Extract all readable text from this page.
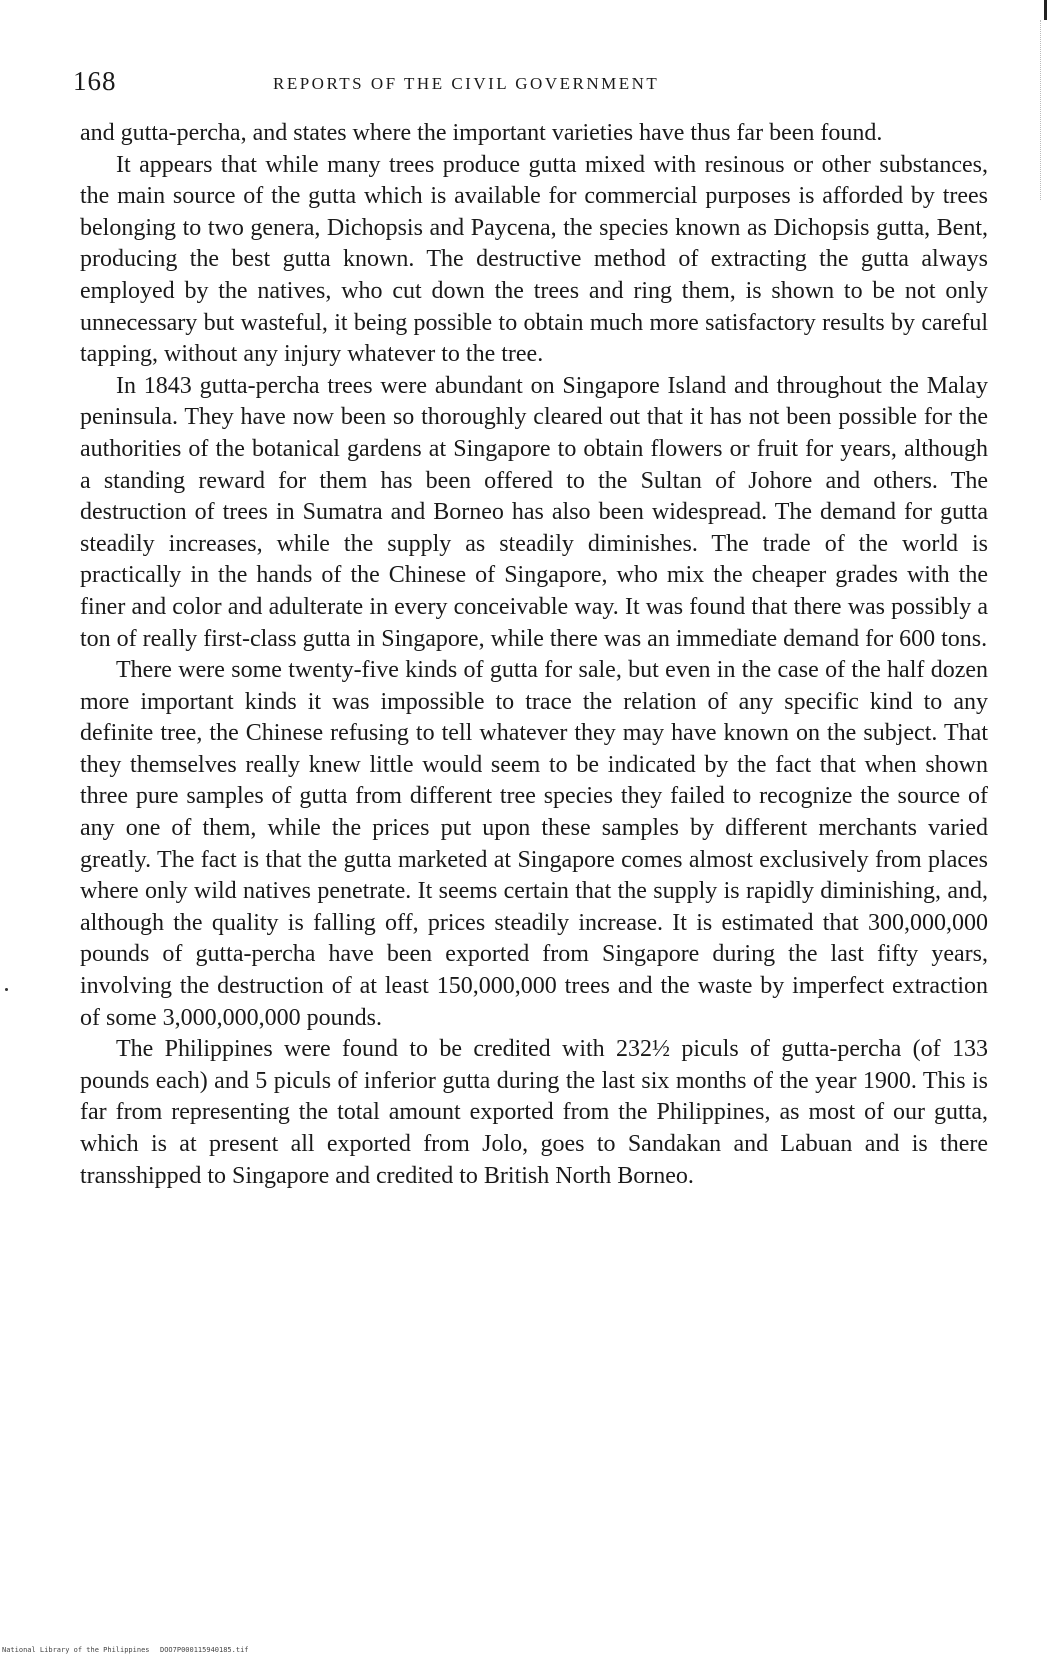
168	REPORTS OF THE CIVIL GOVERNMENT

and gutta-percha, and states where the important varieties have thus far been found.

It appears that while many trees produce gutta mixed with resinous or other substances, the main source of the gutta which is available for commercial purposes is afforded by trees belonging to two genera, Dichopsis and Paycena, the species known as Dichopsis gutta, Bent, producing the best gutta known. The destructive method of extracting the gutta always employed by the natives, who cut down the trees and ring them, is shown to be not only unnecessary but wasteful, it being possible to obtain much more satisfactory results by careful tapping, without any injury whatever to the tree.

In 1843 gutta-percha trees were abundant on Singapore Island and throughout the Malay peninsula. They have now been so thoroughly cleared out that it has not been possible for the authorities of the botanical gardens at Singapore to obtain flowers or fruit for years, although a standing reward for them has been offered to the Sultan of Johore and others. The destruction of trees in Sumatra and Borneo has also been widespread. The demand for gutta steadily increases, while the supply as steadily diminishes. The trade of the world is practically in the hands of the Chinese of Singapore, who mix the cheaper grades with the finer and color and adulterate in every conceivable way. It was found that there was possibly a ton of really first-class gutta in Singapore, while there was an immediate demand for 600 tons.

There were some twenty-five kinds of gutta for sale, but even in the case of the half dozen more important kinds it was impossible to trace the relation of any specific kind to any definite tree, the Chinese refusing to tell whatever they may have known on the subject. That they themselves really knew little would seem to be indicated by the fact that when shown three pure samples of gutta from different tree species they failed to recognize the source of any one of them, while the prices put upon these samples by different merchants varied greatly. The fact is that the gutta marketed at Singapore comes almost exclusively from places where only wild natives penetrate. It seems certain that the supply is rapidly diminishing, and, although the quality is falling off, prices steadily increase. It is estimated that 300,000,000 pounds of gutta-percha have been exported from Singapore during the last fifty years, involving the destruction of at least 150,000,000 trees and the waste by imperfect extraction of some 3,000,000,000 pounds.

The Philippines were found to be credited with 232½ piculs of gutta-percha (of 133 pounds each) and 5 piculs of inferior gutta during the last six months of the year 1900. This is far from representing the total amount exported from the Philippines, as most of our gutta, which is at present all exported from Jolo, goes to Sandakan and Labuan and is there transshipped to Singapore and credited to British North Borneo.

National Library of the Philippines DOO7P000115940185.tif
